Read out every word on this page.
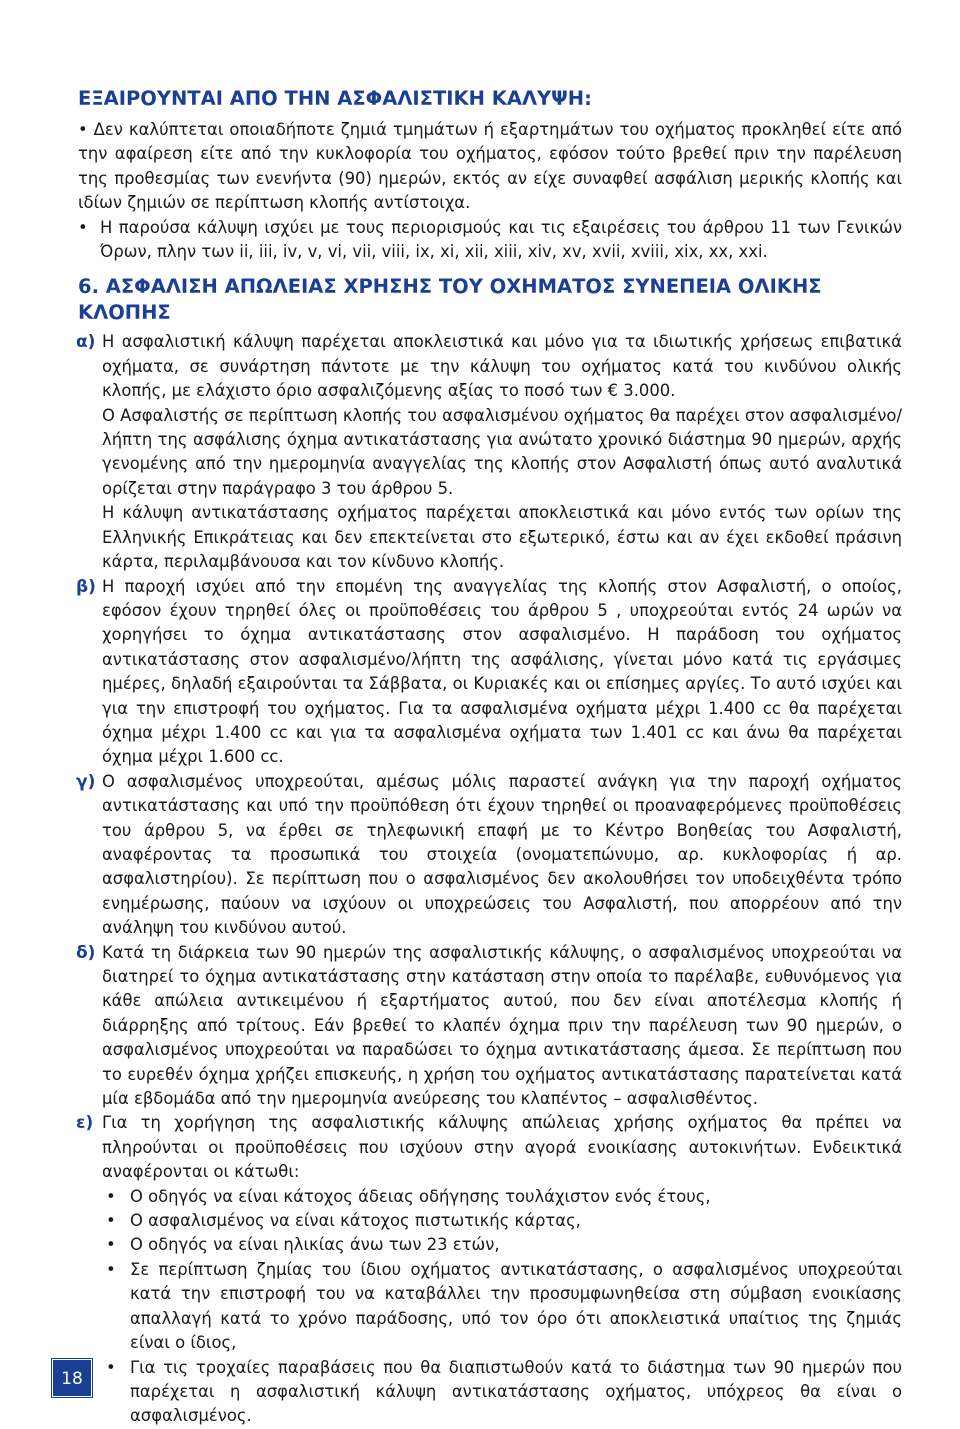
ΕΞΑΙΡΟΥΝΤΑΙ ΑΠΟ ΤΗΝ ΑΣΦΑΛΙΣΤΙΚΗ ΚΑΛΥΨΗ:

• Δεν καλύπτεται οποιαδήποτε ζημιά τμημάτων ή εξαρτημάτων του οχήματος προκληθεί είτε από την αφαίρεση είτε από την κυκλοφορία του οχήματος, εφόσον τούτο βρεθεί πριν την παρέλευση της προθεσμίας των ενενήντα (90) ημερών, εκτός αν είχε συναφθεί ασφάλιση μερικής κλοπής και ιδίων ζημιών σε περίπτωση κλοπής αντίστοιχα.

• Η παρούσα κάλυψη ισχύει με τους περιορισμούς και τις εξαιρέσεις του άρθρου 11 των Γενικών Όρων, πλην των ii, iii, iv, v, vi, vii, viii, ix, xi, xii, xiii, xiv, xv, xvii, xviii, xix, xx, xxi.

6. ΑΣΦΑΛΙΣΗ ΑΠΩΛΕΙΑΣ ΧΡΗΣΗΣ ΤΟΥ ΟΧΗΜΑΤΟΣ ΣΥΝΕΠΕΙΑ ΟΛΙΚΗΣ ΚΛΟΠΗΣ

α) Η ασφαλιστική κάλυψη παρέχεται αποκλειστικά και μόνο για τα ιδιωτικής χρήσεως επιβατικά οχήματα, σε συνάρτηση πάντοτε με την κάλυψη του οχήματος κατά του κινδύνου ολικής κλοπής, με ελάχιστο όριο ασφαλιζόμενης αξίας το ποσό των € 3.000.

Ο Ασφαλιστής σε περίπτωση κλοπής του ασφαλισμένου οχήματος θα παρέχει στον ασφαλισμένο/λήπτη της ασφάλισης όχημα αντικατάστασης για ανώτατο χρονικό διάστημα 90 ημερών, αρχής γενομένης από την ημερομηνία αναγγελίας της κλοπής στον Ασφαλιστή όπως αυτό αναλυτικά ορίζεται στην παράγραφο 3 του άρθρου 5.

Η κάλυψη αντικατάστασης οχήματος παρέχεται αποκλειστικά και μόνο εντός των ορίων της Ελληνικής Επικράτειας και δεν επεκτείνεται στο εξωτερικό, έστω και αν έχει εκδοθεί πράσινη κάρτα, περιλαμβάνουσα και τον κίνδυνο κλοπής.

β) Η παροχή ισχύει από την επομένη της αναγγελίας της κλοπής στον Ασφαλιστή, ο οποίος, εφόσον έχουν τηρηθεί όλες οι προϋποθέσεις του άρθρου 5 , υποχρεούται εντός 24 ωρών να χορηγήσει το όχημα αντικατάστασης στον ασφαλισμένο. Η παράδοση του οχήματος αντικατάστασης στον ασφαλισμένο/λήπτη της ασφάλισης, γίνεται μόνο κατά τις εργάσιμες ημέρες, δηλαδή εξαιρούνται τα Σάββατα, οι Κυριακές και οι επίσημες αργίες. Το αυτό ισχύει και για την επιστροφή του οχήματος. Για τα ασφαλισμένα οχήματα μέχρι 1.400 cc θα παρέχεται όχημα μέχρι 1.400 cc και για τα ασφαλισμένα οχήματα των 1.401 cc και άνω θα παρέχεται όχημα μέχρι 1.600 cc.

γ) Ο ασφαλισμένος υποχρεούται, αμέσως μόλις παραστεί ανάγκη για την παροχή οχήματος αντικατάστασης και υπό την προϋπόθεση ότι έχουν τηρηθεί οι προαναφερόμενες προϋποθέσεις του άρθρου 5, να έρθει σε τηλεφωνική επαφή με το Κέντρο Βοηθείας του Ασφαλιστή, αναφέροντας τα προσωπικά του στοιχεία (ονοματεπώνυμο, αρ. κυκλοφορίας ή αρ. ασφαλιστηρίου). Σε περίπτωση που ο ασφαλισμένος δεν ακολουθήσει τον υποδειχθέντα τρόπο ενημέρωσης, παύουν να ισχύουν οι υποχρεώσεις του Ασφαλιστή, που απορρέουν από την ανάληψη του κινδύνου αυτού.

δ) Κατά τη διάρκεια των 90 ημερών της ασφαλιστικής κάλυψης, ο ασφαλισμένος υποχρεούται να διατηρεί το όχημα αντικατάστασης στην κατάσταση στην οποία το παρέλαβε, ευθυνόμενος για κάθε απώλεια αντικειμένου ή εξαρτήματος αυτού, που δεν είναι αποτέλεσμα κλοπής ή διάρρηξης από τρίτους. Εάν βρεθεί το κλαπέν όχημα πριν την παρέλευση των 90 ημερών, ο ασφαλισμένος υποχρεούται να παραδώσει το όχημα αντικατάστασης άμεσα. Σε περίπτωση που το ευρεθέν όχημα χρήζει επισκευής, η χρήση του οχήματος αντικατάστασης παρατείνεται κατά μία εβδομάδα από την ημερομηνία ανεύρεσης του κλαπέντος – ασφαλισθέντος.

ε) Για τη χορήγηση της ασφαλιστικής κάλυψης απώλειας χρήσης οχήματος θα πρέπει να πληρούνται οι προϋποθέσεις που ισχύουν στην αγορά ενοικίασης αυτοκινήτων. Ενδεικτικά αναφέρονται οι κάτωθι:

• Ο οδηγός να είναι κάτοχος άδειας οδήγησης τουλάχιστον ενός έτους,

• Ο ασφαλισμένος να είναι κάτοχος πιστωτικής κάρτας,

• Ο οδηγός να είναι ηλικίας άνω των 23 ετών,

• Σε περίπτωση ζημίας του ίδιου οχήματος αντικατάστασης, ο ασφαλισμένος υποχρεούται κατά την επιστροφή του να καταβάλλει την προσυμφωνηθείσα στη σύμβαση ενοικίασης απαλλαγή κατά το χρόνο παράδοσης, υπό τον όρο ότι αποκλειστικά υπαίτιος της ζημιάς είναι ο ίδιος,

• Για τις τροχαίες παραβάσεις που θα διαπιστωθούν κατά το διάστημα των 90 ημερών που παρέχεται η ασφαλιστική κάλυψη αντικατάστασης οχήματος, υπόχρεος θα είναι ο ασφαλισμένος.

18
